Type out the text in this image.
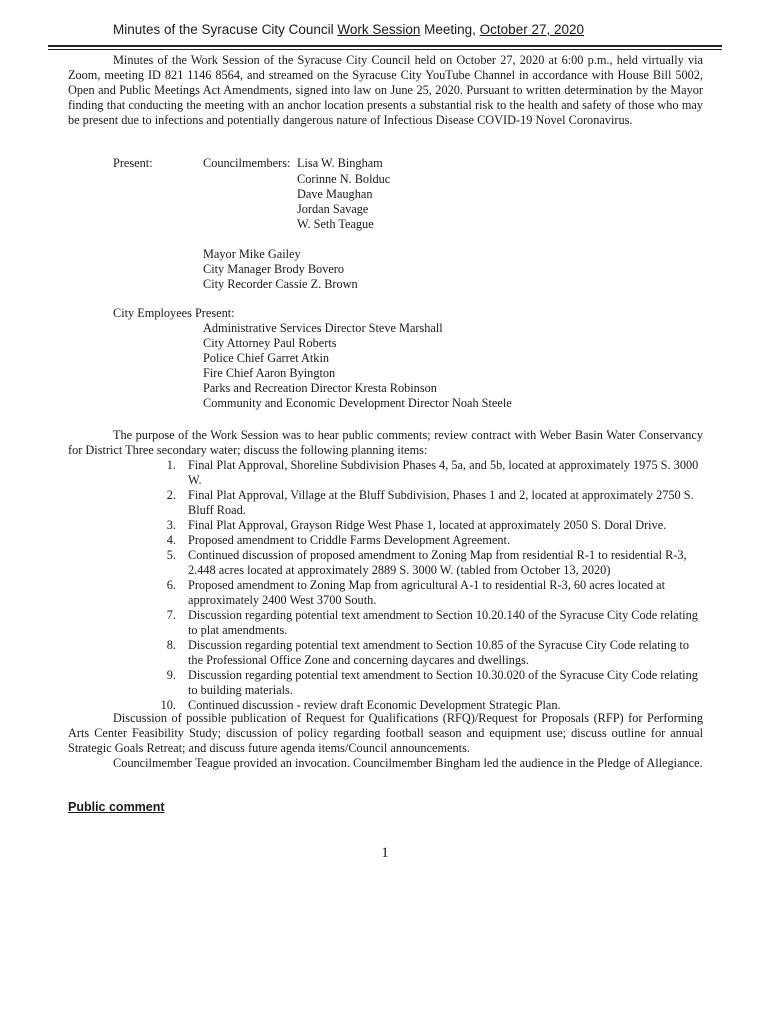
Minutes of the Syracuse City Council Work Session Meeting, October 27, 2020

Minutes of the Work Session of the Syracuse City Council held on October 27, 2020 at 6:00 p.m., held virtually via Zoom, meeting ID 821 1146 8564, and streamed on the Syracuse City YouTube Channel in accordance with House Bill 5002, Open and Public Meetings Act Amendments, signed into law on June 25, 2020. Pursuant to written determination by the Mayor finding that conducting the meeting with an anchor location presents a substantial risk to the health and safety of those who may be present due to infections and potentially dangerous nature of Infectious Disease COVID-19 Novel Coronavirus.

Present:	Councilmembers: Lisa W. Bingham
Corinne N. Bolduc
Dave Maughan
Jordan Savage
W. Seth Teague
Mayor Mike Gailey
City Manager Brody Bovero
City Recorder Cassie Z. Brown
City Employees Present:
Administrative Services Director Steve Marshall
City Attorney Paul Roberts
Police Chief Garret Atkin
Fire Chief Aaron Byington
Parks and Recreation Director Kresta Robinson
Community and Economic Development Director Noah Steele

The purpose of the Work Session was to hear public comments; review contract with Weber Basin Water Conservancy for District Three secondary water; discuss the following planning items:

1. Final Plat Approval, Shoreline Subdivision Phases 4, 5a, and 5b, located at approximately 1975 S. 3000 W.
2. Final Plat Approval, Village at the Bluff Subdivision, Phases 1 and 2, located at approximately 2750 S. Bluff Road.
3. Final Plat Approval, Grayson Ridge West Phase 1, located at approximately 2050 S. Doral Drive.
4. Proposed amendment to Criddle Farms Development Agreement.
5. Continued discussion of proposed amendment to Zoning Map from residential R-1 to residential R-3, 2.448 acres located at approximately 2889 S. 3000 W. (tabled from October 13, 2020)
6. Proposed amendment to Zoning Map from agricultural A-1 to residential R-3, 60 acres located at approximately 2400 West 3700 South.
7. Discussion regarding potential text amendment to Section 10.20.140 of the Syracuse City Code relating to plat amendments.
8. Discussion regarding potential text amendment to Section 10.85 of the Syracuse City Code relating to the Professional Office Zone and concerning daycares and dwellings.
9. Discussion regarding potential text amendment to Section 10.30.020 of the Syracuse City Code relating to building materials.
10. Continued discussion - review draft Economic Development Strategic Plan.

Discussion of possible publication of Request for Qualifications (RFQ)/Request for Proposals (RFP) for Performing Arts Center Feasibility Study; discussion of policy regarding football season and equipment use; discuss outline for annual Strategic Goals Retreat; and discuss future agenda items/Council announcements.

Councilmember Teague provided an invocation. Councilmember Bingham led the audience in the Pledge of Allegiance.

Public comment
1
